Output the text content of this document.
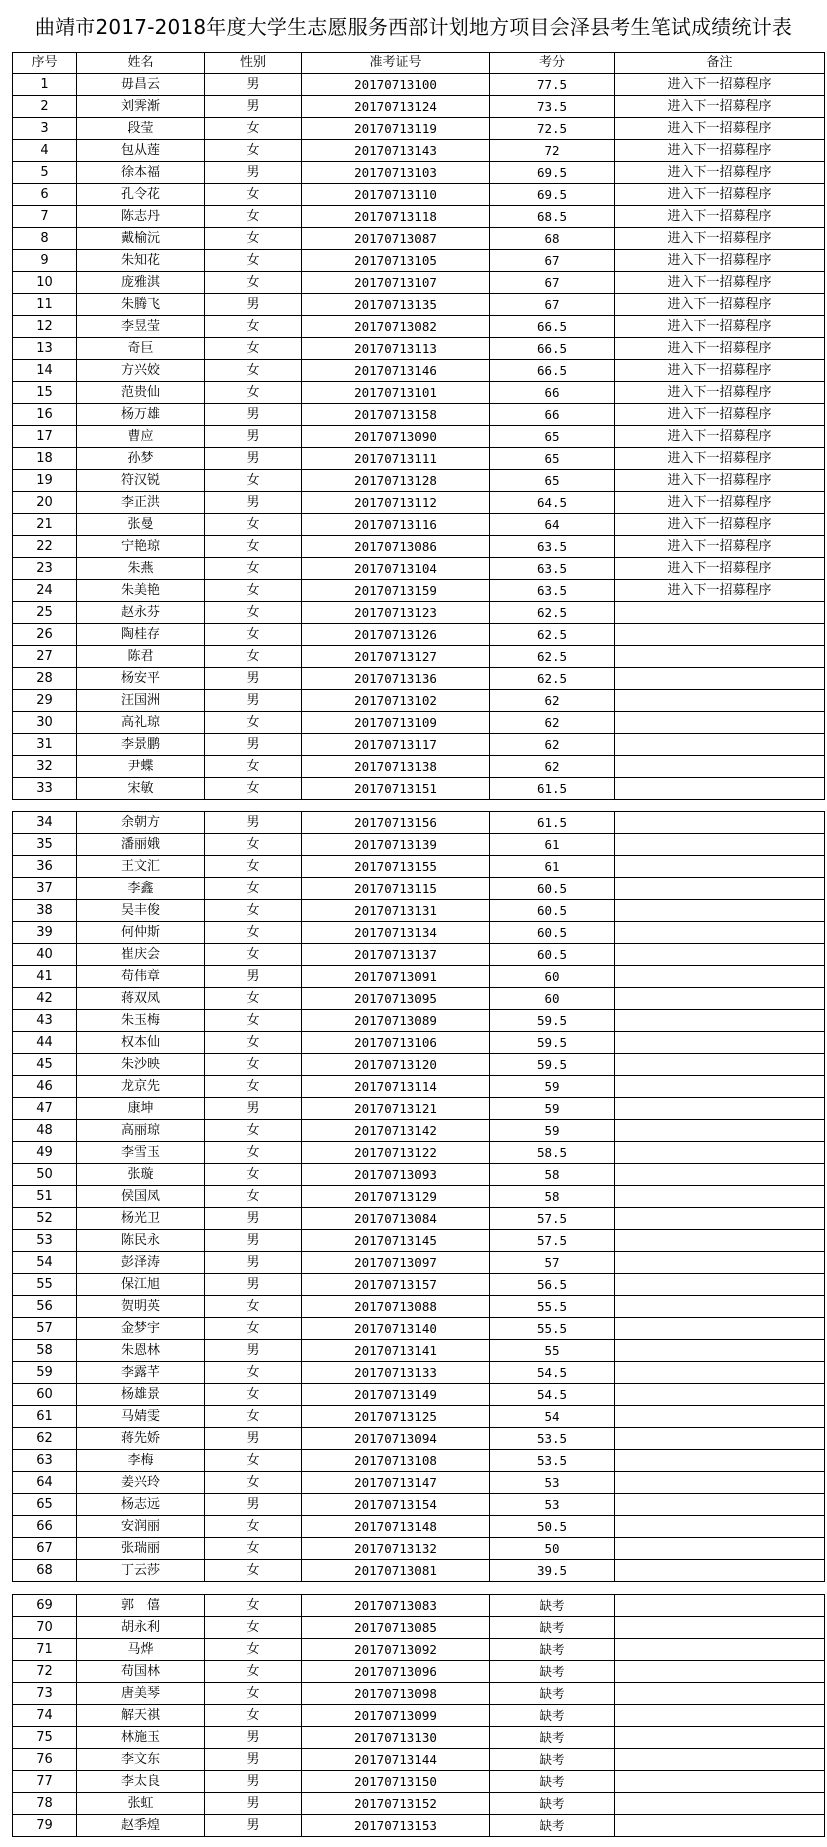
曲靖市2017-2018年度大学生志愿服务西部计划地方项目会泽县考生笔试成绩统计表
序号	姓名	性别	准考证号	考分	备注
1	毋昌云	男	20170713100	77.5	进入下一招募程序
2	刘霁渐	男	20170713124	73.5	进入下一招募程序
3	段莹	女	20170713119	72.5	进入下一招募程序
4	包从莲	女	20170713143	72	进入下一招募程序
5	徐本福	男	20170713103	69.5	进入下一招募程序
6	孔令花	女	20170713110	69.5	进入下一招募程序
7	陈志丹	女	20170713118	68.5	进入下一招募程序
8	戴榆沅	女	20170713087	68	进入下一招募程序
9	朱知花	女	20170713105	67	进入下一招募程序
10	庞雅淇	女	20170713107	67	进入下一招募程序
11	朱腾飞	男	20170713135	67	进入下一招募程序
12	李昱莹	女	20170713082	66.5	进入下一招募程序
13	奇巨	女	20170713113	66.5	进入下一招募程序
14	方兴姣	女	20170713146	66.5	进入下一招募程序
15	范贵仙	女	20170713101	66	进入下一招募程序
16	杨万雄	男	20170713158	66	进入下一招募程序
17	曹应	男	20170713090	65	进入下一招募程序
18	孙梦	男	20170713111	65	进入下一招募程序
19	符汉锐	女	20170713128	65	进入下一招募程序
20	李正洪	男	20170713112	64.5	进入下一招募程序
21	张曼	女	20170713116	64	进入下一招募程序
22	宁艳琼	女	20170713086	63.5	进入下一招募程序
23	朱燕	女	20170713104	63.5	进入下一招募程序
24	朱美艳	女	20170713159	63.5	进入下一招募程序
25	赵永芬	女	20170713123	62.5	
26	陶桂存	女	20170713126	62.5	
27	陈君	女	20170713127	62.5	
28	杨安平	男	20170713136	62.5	
29	汪国洲	男	20170713102	62	
30	高礼琼	女	20170713109	62	
31	李景鹏	男	20170713117	62	
32	尹蝶	女	20170713138	62	
33	宋敏	女	20170713151	61.5	
34	余朝方	男	20170713156	61.5	
35	潘丽娥	女	20170713139	61	
36	王文汇	女	20170713155	61	
37	李鑫	女	20170713115	60.5	
38	吴丰俊	女	20170713131	60.5	
39	何仲斯	女	20170713134	60.5	
40	崔庆会	女	20170713137	60.5	
41	苟伟章	男	20170713091	60	
42	蒋双凤	女	20170713095	60	
43	朱玉梅	女	20170713089	59.5	
44	权本仙	女	20170713106	59.5	
45	朱沙映	女	20170713120	59.5	
46	龙京先	女	20170713114	59	
47	康坤	男	20170713121	59	
48	高丽琼	女	20170713142	59	
49	李雪玉	女	20170713122	58.5	
50	张璇	女	20170713093	58	
51	侯国凤	女	20170713129	58	
52	杨光卫	男	20170713084	57.5	
53	陈民永	男	20170713145	57.5	
54	彭泽涛	男	20170713097	57	
55	保江旭	男	20170713157	56.5	
56	贺明英	女	20170713088	55.5	
57	金梦宇	女	20170713140	55.5	
58	朱恩林	男	20170713141	55	
59	李露芊	女	20170713133	54.5	
60	杨雄景	女	20170713149	54.5	
61	马婧雯	女	20170713125	54	
62	蒋先娇	男	20170713094	53.5	
63	李梅	女	20170713108	53.5	
64	姜兴玲	女	20170713147	53	
65	杨志远	男	20170713154	53	
66	安润丽	女	20170713148	50.5	
67	张瑞丽	女	20170713132	50	
68	丁云莎	女	20170713081	39.5	
69	郭　僖	女	20170713083	缺考	
70	胡永利	女	20170713085	缺考	
71	马烨	女	20170713092	缺考	
72	苟国林	女	20170713096	缺考	
73	唐美琴	女	20170713098	缺考	
74	解天祺	女	20170713099	缺考	
75	林施玉	男	20170713130	缺考	
76	李文东	男	20170713144	缺考	
77	李太良	男	20170713150	缺考	
78	张虹	男	20170713152	缺考	
79	赵季煌	男	20170713153	缺考	
